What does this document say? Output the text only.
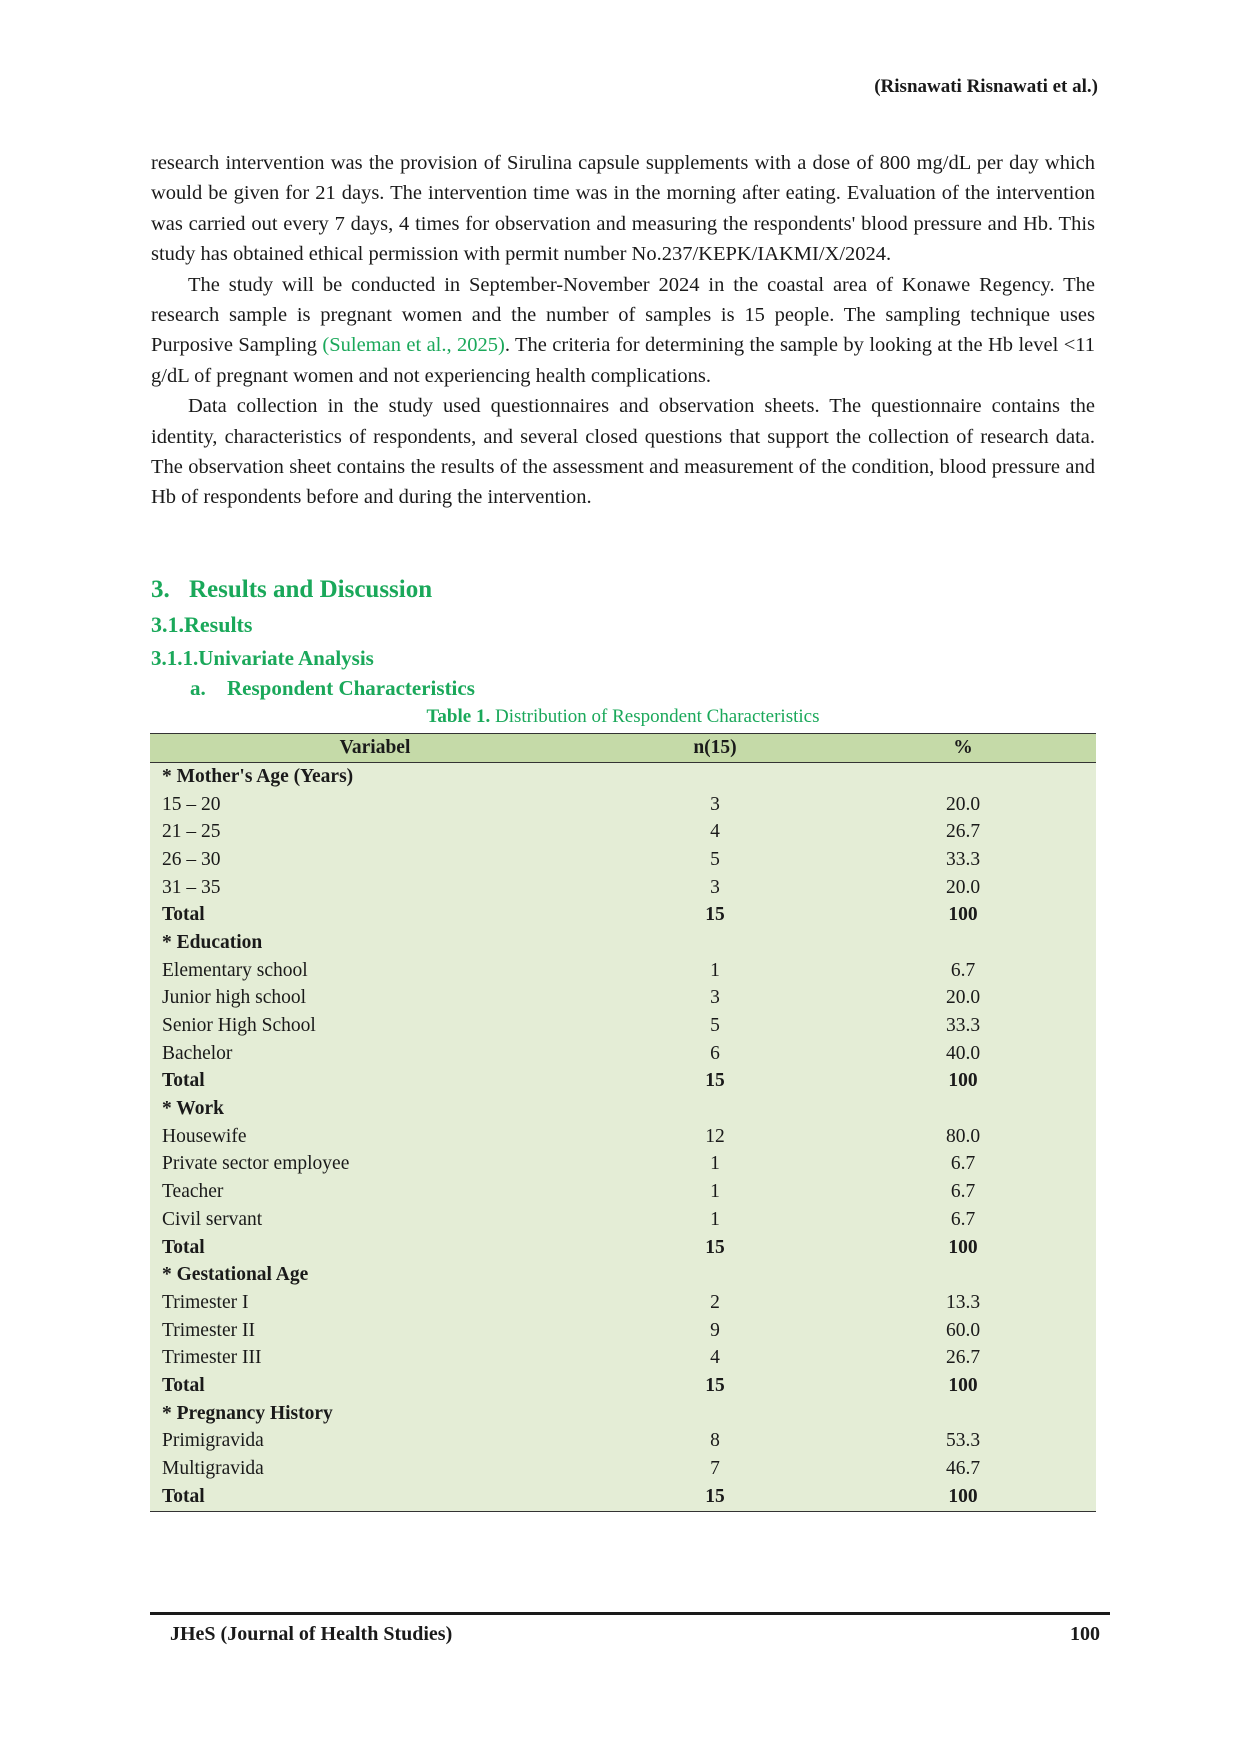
(Risnawati Risnawati et al.)

research intervention was the provision of Sirulina capsule supplements with a dose of 800 mg/dL per day which would be given for 21 days. The intervention time was in the morning after eating. Evaluation of the intervention was carried out every 7 days, 4 times for observation and measuring the respondents' blood pressure and Hb. This study has obtained ethical permission with permit number No.237/KEPK/IAKMI/X/2024.

The study will be conducted in September-November 2024 in the coastal area of Konawe Regency. The research sample is pregnant women and the number of samples is 15 people. The sampling technique uses Purposive Sampling (Suleman et al., 2025). The criteria for determining the sample by looking at the Hb level <11 g/dL of pregnant women and not experiencing health complications.

Data collection in the study used questionnaires and observation sheets. The questionnaire contains the identity, characteristics of respondents, and several closed questions that support the collection of research data. The observation sheet contains the results of the assessment and measurement of the condition, blood pressure and Hb of respondents before and during the intervention.

3. Results and Discussion
3.1.Results
3.1.1.Univariate Analysis
a. Respondent Characteristics
Table 1. Distribution of Respondent Characteristics
Variabel	n(15)	%
* Mother's Age (Years)		
15 – 20	3	20.0
21 – 25	4	26.7
26 – 30	5	33.3
31 – 35	3	20.0
Total	15	100
* Education		
Elementary school	1	6.7
Junior high school	3	20.0
Senior High School	5	33.3
Bachelor	6	40.0
Total	15	100
* Work		
Housewife	12	80.0
Private sector employee	1	6.7
Teacher	1	6.7
Civil servant	1	6.7
Total	15	100
* Gestational Age		
Trimester I	2	13.3
Trimester II	9	60.0
Trimester III	4	26.7
Total	15	100
* Pregnancy History		
Primigravida	8	53.3
Multigravida	7	46.7
Total	15	100
JHeS (Journal of Health Studies)	100
